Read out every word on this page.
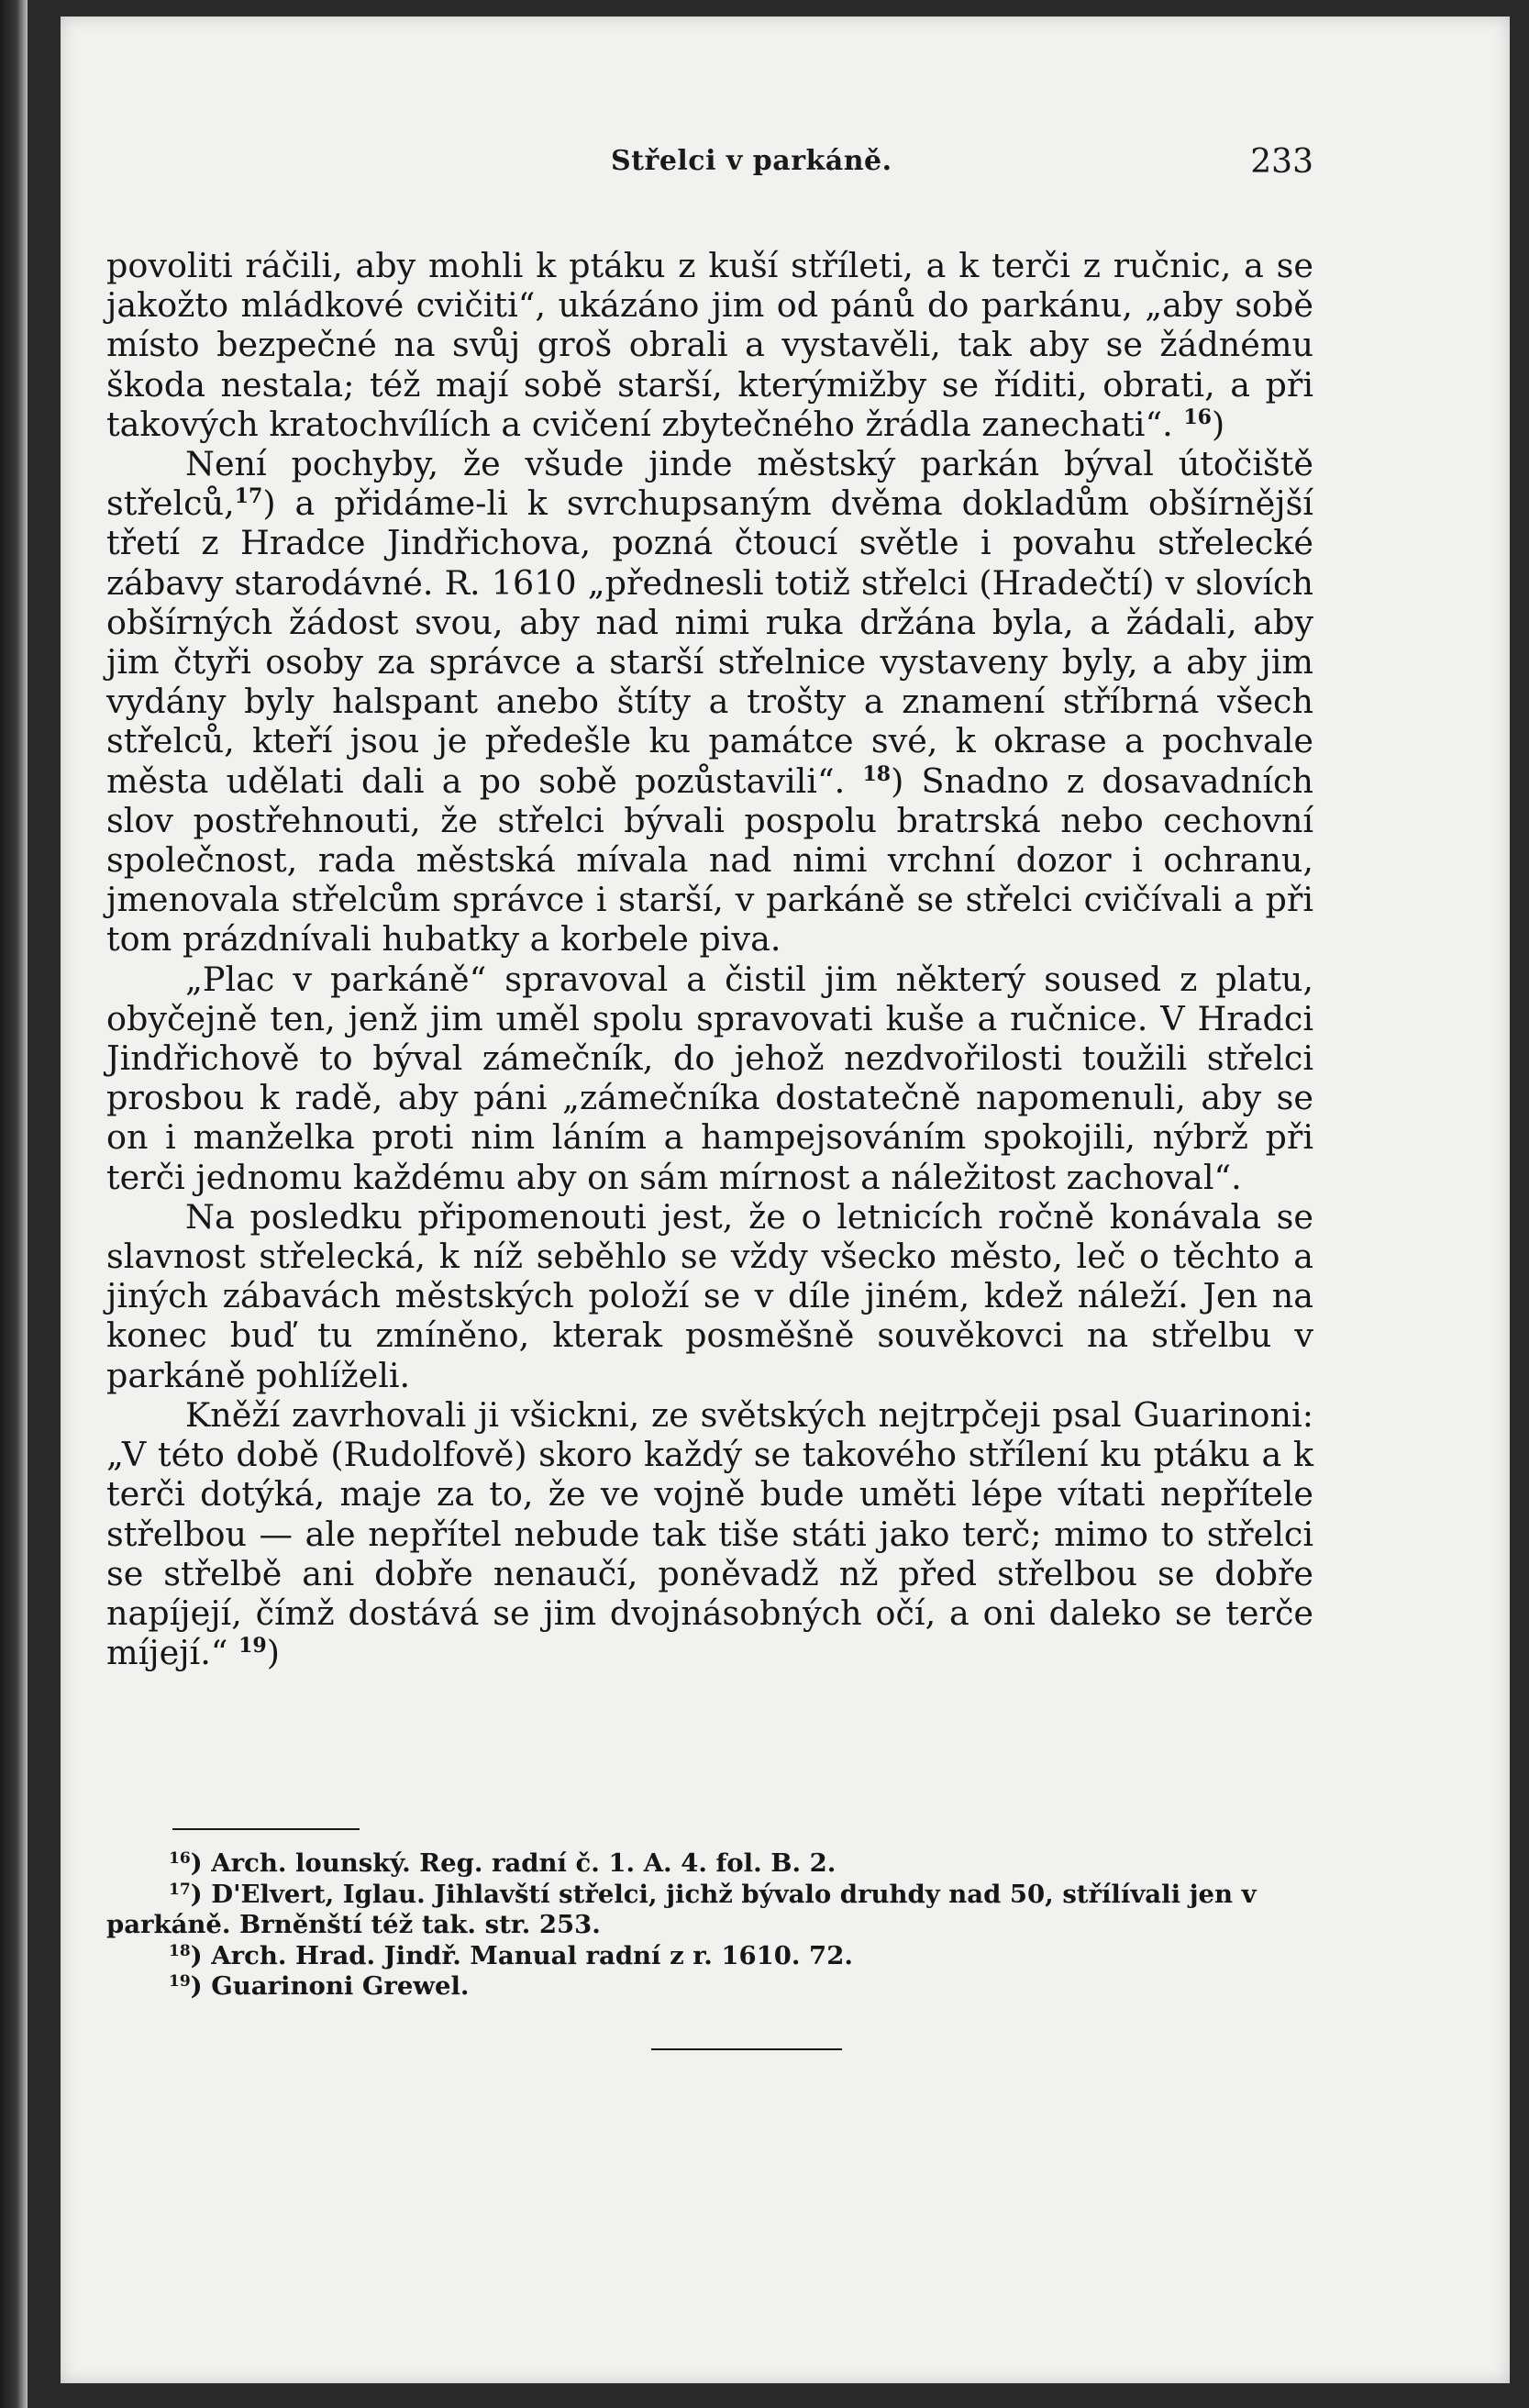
Střelci v parkáně.	233

povoliti ráčili, aby mohli k ptáku z kuší stříleti, a k terči z ručnic, a se jakožto mládkové cvičiti“, ukázáno jim od pánů do parkánu, „aby sobě místo bezpečné na svůj groš obrali a vystavěli, tak aby se žádnému škoda nestala; též mají sobě starší, kterýmižby se říditi, obrati, a při takových kratochvílích a cvičení zbytečného žrádla zanechati“. $^{16}$)

Není pochyby, že všude jinde městský parkán býval útočiště střelců,$^{17}$) a přidáme-li k svrchupsaným dvěma dokladům obšírnější třetí z Hradce Jindřichova, pozná čtoucí světle i povahu střelecké zábavy starodávné. R. 1610 „přednesli totiž střelci (Hradečtí) v slovích obšírných žádost svou, aby nad nimi ruka držána byla, a žádali, aby jim čtyři osoby za správce a starší střelnice vystaveny byly, a aby jim vydány byly halspant anebo štíty a trošty a znamení stříbrná všech střelců, kteří jsou je předešle ku památce své, k okrase a pochvale města udělati dali a po sobě pozůstavili“. $^{18}$) Snadno z dosavadních slov postřehnouti, že střelci bývali pospolu bratrská nebo cechovní společnost, rada městská mívala nad nimi vrchní dozor i ochranu, jmenovala střelcům správce i starší, v parkáně se střelci cvičívali a při tom prázdnívali hubatky a korbele piva.

„Plac v parkáně“ spravoval a čistil jim některý soused z platu, obyčejně ten, jenž jim uměl spolu spravovati kuše a ručnice. V Hradci Jindřichově to býval zámečník, do jehož nezdvořilosti toužili střelci prosbou k radě, aby páni „zámečníka dostatečně napomenuli, aby se on i manželka proti nim láním a hampejsováním spokojili, nýbrž při terči jednomu každému aby on sám mírnost a náležitost zachoval“.

Na posledku připomenouti jest, že o letnicích ročně konávala se slavnost střelecká, k níž seběhlo se vždy všecko město, leč o těchto a jiných zábavách městských položí se v díle jiném, kdež náleží. Jen na konec buď tu zmíněno, kterak posměšně souvěkovci na střelbu v parkáně pohlíželi.

Kněží zavrhovali ji všickni, ze světských nejtrpčeji psal Guarinoni: „V této době (Rudolfově) skoro každý se takového střílení ku ptáku a k terči dotýká, maje za to, že ve vojně bude uměti lépe vítati nepřítele střelbou — ale nepřítel nebude tak tiše státi jako terč; mimo to střelci se střelbě ani dobře nenaučí, poněvadž nž před střelbou se dobře napíjejí, čímž dostává se jim dvojnásobných očí, a oni daleko se terče míjejí.“ $^{19}$)

$^{16}$) Arch. lounský. Reg. radní č. 1. A. 4. fol. B. 2.

$^{17}$) D'Elvert, Iglau. Jihlavští střelci, jichž bývalo druhdy nad 50, střílívali jen v parkáně. Brněnští též tak. str. 253.

$^{18}$) Arch. Hrad. Jindř. Manual radní z r. 1610. 72.

$^{19}$) Guarinoni Grewel.
